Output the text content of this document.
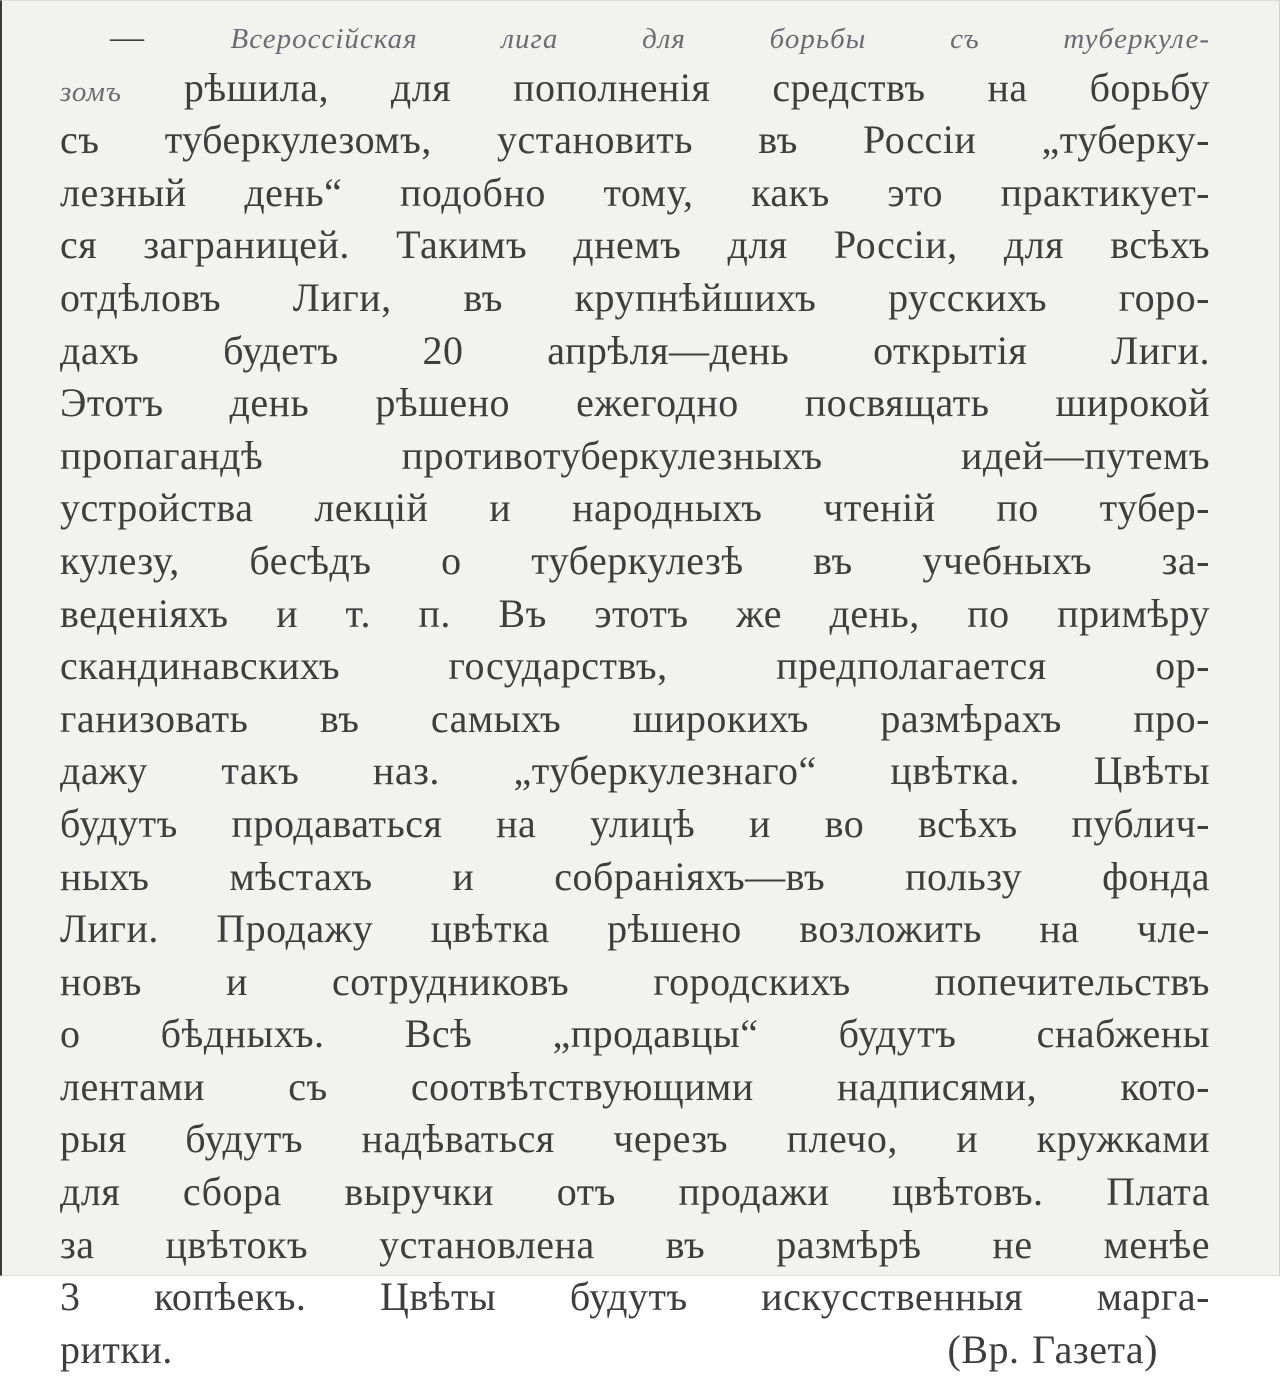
—	Всероссійская лига для борьбы съ туберкуле-
зомъ рѣшила, для пополненія средствъ на борьбу
съ туберкулезомъ, установить въ Россіи „туберку-
лезный день“ подобно тому, какъ это практикует-
ся заграницей. Такимъ днемъ для Россіи, для всѣхъ
отдѣловъ Лиги, въ крупнѣйшихъ русскихъ горо-
дахъ будетъ 20 апрѣля—день открытія Лиги.
Этотъ день рѣшено ежегодно посвящать широкой
пропагандѣ противотуберкулезныхъ идей—путемъ
устройства лекцій и народныхъ чтеній по тубер-
кулезу, бесѣдъ о туберкулезѣ въ учебныхъ за-
веденіяхъ и т. п. Въ этотъ же день, по примѣру
скандинавскихъ государствъ, предполагается ор-
ганизовать въ самыхъ широкихъ размѣрахъ про-
дажу такъ наз. „туберкулезнаго“ цвѣтка. Цвѣты
будутъ продаваться на улицѣ и во всѣхъ публич-
ныхъ мѣстахъ и собраніяхъ—въ пользу фонда
Лиги. Продажу цвѣтка рѣшено возложить на чле-
новъ и сотрудниковъ городскихъ попечительствъ
о бѣдныхъ. Всѣ „продавцы“ будутъ снабжены
лентами съ соотвѣтствующими надписями, кото-
рыя будутъ надѣваться черезъ плечо, и кружками
для сбора выручки отъ продажи цвѣтовъ. Плата
за цвѣтокъ установлена въ размѣрѣ не менѣе
3 копѣекъ. Цвѣты будутъ искусственныя марга-
ритки.	(Вр. Газета)
